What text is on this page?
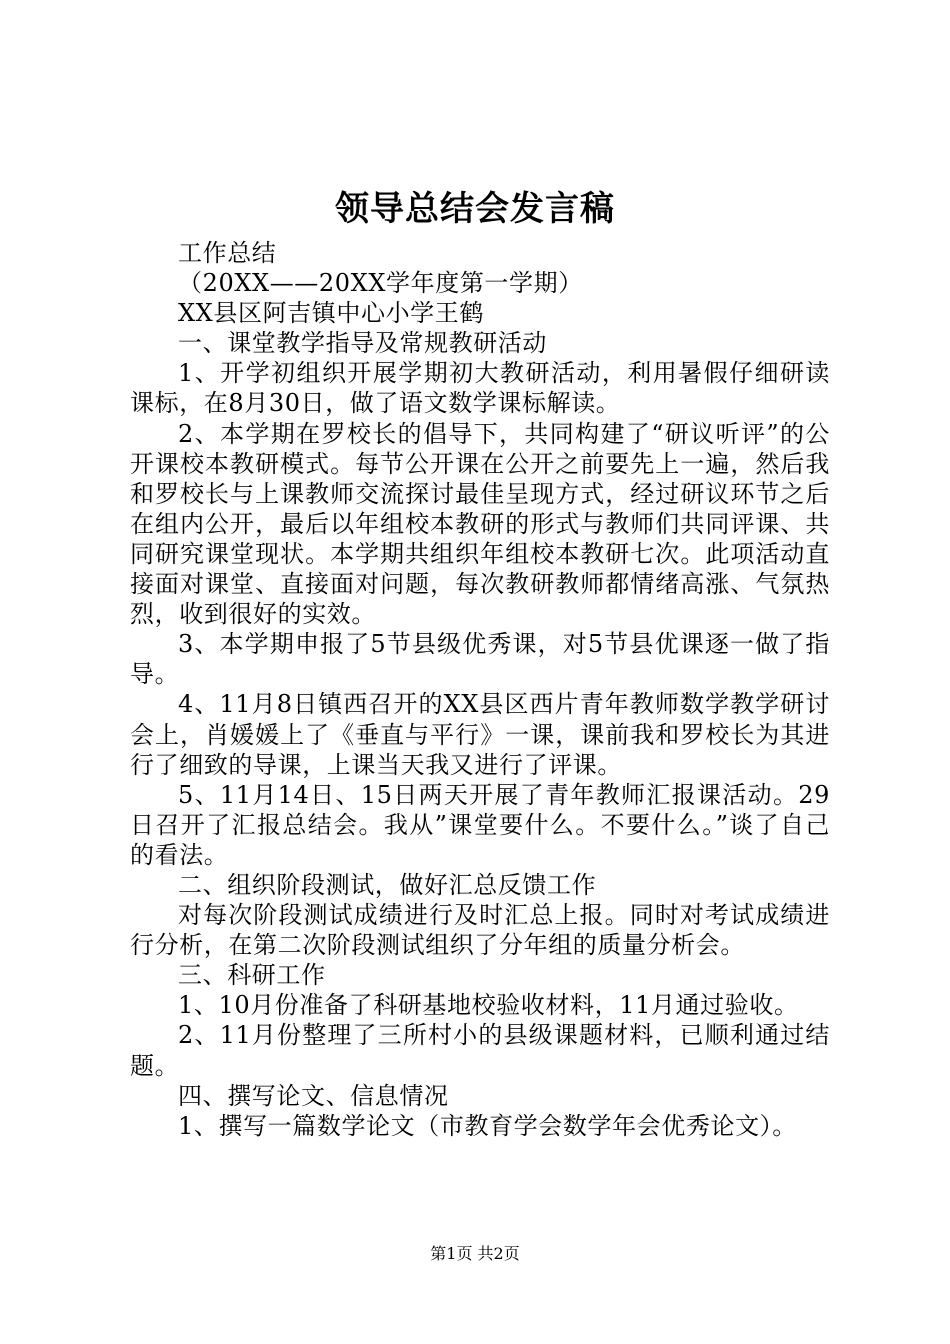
领导总结会发言稿

工作总结

（20XX——20XX学年度第一学期）

XX县区阿吉镇中心小学王鹤

一、课堂教学指导及常规教研活动

1、开学初组织开展学期初大教研活动，利用暑假仔细研读课标，在8月30日，做了语文数学课标解读。

2、本学期在罗校长的倡导下，共同构建了“研议听评”的公开课校本教研模式。每节公开课在公开之前要先上一遍，然后我和罗校长与上课教师交流探讨最佳呈现方式，经过研议环节之后在组内公开，最后以年组校本教研的形式与教师们共同评课、共同研究课堂现状。本学期共组织年组校本教研七次。此项活动直接面对课堂、直接面对问题，每次教研教师都情绪高涨、气氛热烈，收到很好的实效。

3、本学期申报了5节县级优秀课，对5节县优课逐一做了指导。

4、11月8日镇西召开的XX县区西片青年教师数学教学研讨会上，肖媛媛上了《垂直与平行》一课，课前我和罗校长为其进行了细致的导课，上课当天我又进行了评课。

5、11月14日、15日两天开展了青年教师汇报课活动。29日召开了汇报总结会。我从”课堂要什么。不要什么。”谈了自己的看法。

二、组织阶段测试，做好汇总反馈工作

对每次阶段测试成绩进行及时汇总上报。同时对考试成绩进行分析，在第二次阶段测试组织了分年组的质量分析会。

三、科研工作

1、10月份准备了科研基地校验收材料，11月通过验收。

2、11月份整理了三所村小的县级课题材料，已顺利通过结题。

四、撰写论文、信息情况

1、撰写一篇数学论文（市教育学会数学年会优秀论文）。

第1页 共2页
